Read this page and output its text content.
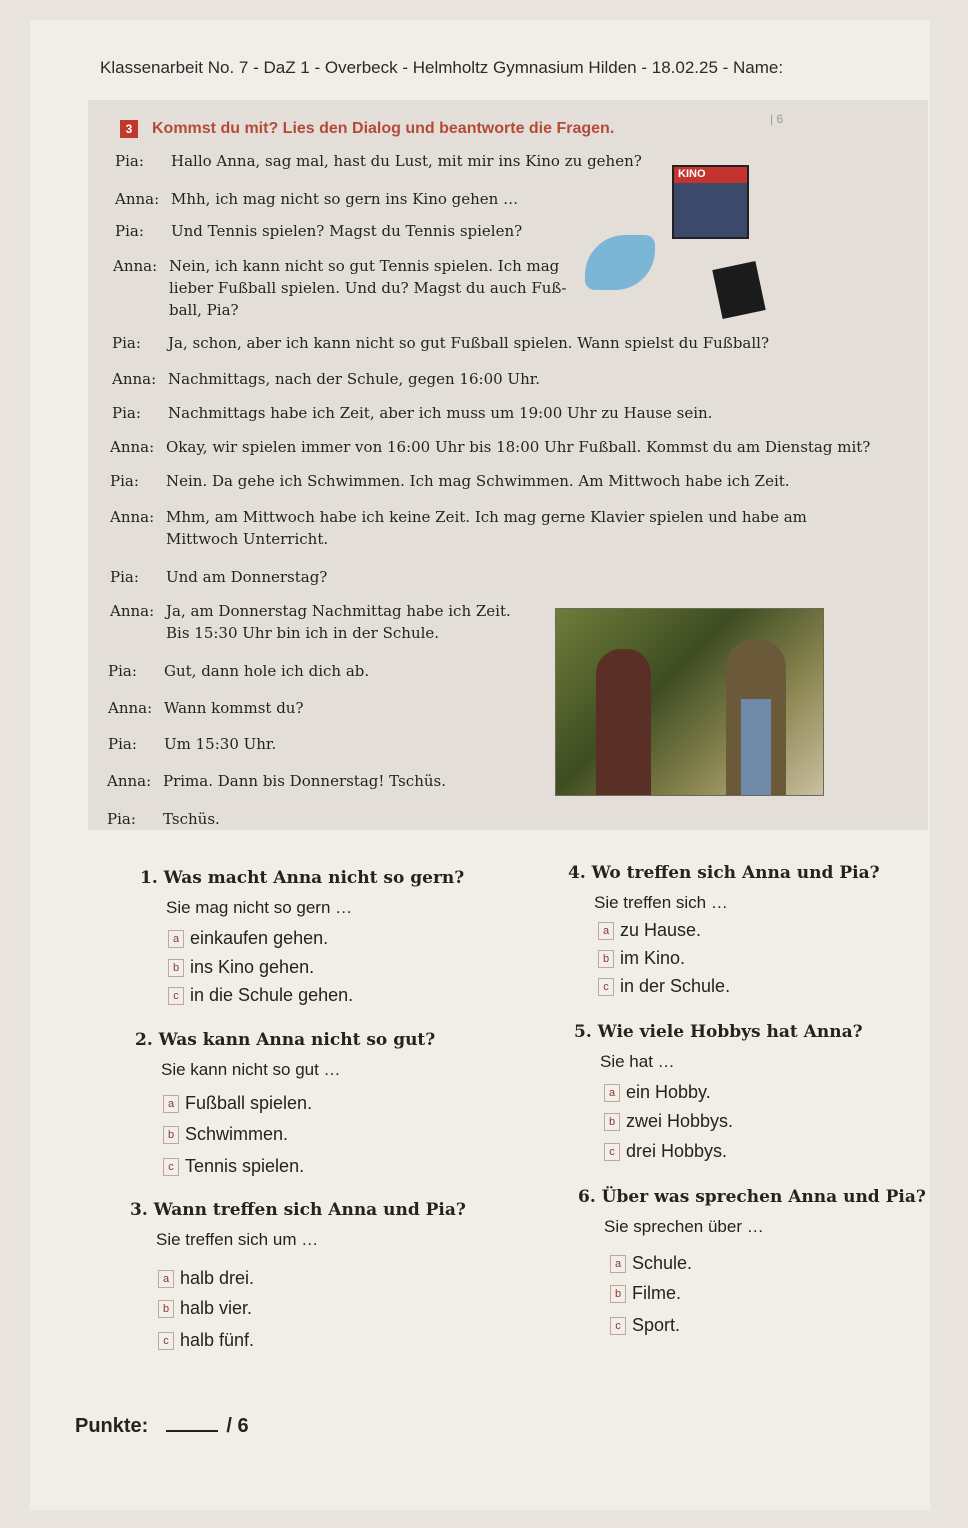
Klassenarbeit No. 7 - DaZ 1 - Overbeck - Helmholtz Gymnasium Hilden - 18.02.25 - Name:
3 Kommst du mit? Lies den Dialog und beantworte die Fragen.
| 6
KINO
Pia: Hallo Anna, sag mal, hast du Lust, mit mir ins Kino zu gehen?
Anna: Mhh, ich mag nicht so gern ins Kino gehen …
Pia: Und Tennis spielen? Magst du Tennis spielen?
Anna: Nein, ich kann nicht so gut Tennis spielen. Ich mag
lieber Fußball spielen. Und du? Magst du auch Fuß-
ball, Pia?
Pia: Ja, schon, aber ich kann nicht so gut Fußball spielen. Wann spielst du Fußball?
Anna: Nachmittags, nach der Schule, gegen 16:00 Uhr.
Pia: Nachmittags habe ich Zeit, aber ich muss um 19:00 Uhr zu Hause sein.
Anna: Okay, wir spielen immer von 16:00 Uhr bis 18:00 Uhr Fußball. Kommst du am Dienstag mit?
Pia: Nein. Da gehe ich Schwimmen. Ich mag Schwimmen. Am Mittwoch habe ich Zeit.
Anna: Mhm, am Mittwoch habe ich keine Zeit. Ich mag gerne Klavier spielen und habe am
Mittwoch Unterricht.
Pia: Und am Donnerstag?
Anna: Ja, am Donnerstag Nachmittag habe ich Zeit.
Bis 15:30 Uhr bin ich in der Schule.
Pia: Gut, dann hole ich dich ab.
Anna: Wann kommst du?
Pia: Um 15:30 Uhr.
Anna: Prima. Dann bis Donnerstag! Tschüs.
Pia: Tschüs.
1. Was macht Anna nicht so gern?
Sie mag nicht so gern …
a einkaufen gehen.
b ins Kino gehen.
c in die Schule gehen.
2. Was kann Anna nicht so gut?
Sie kann nicht so gut …
a Fußball spielen.
b Schwimmen.
c Tennis spielen.
3. Wann treffen sich Anna und Pia?
Sie treffen sich um …
a halb drei.
b halb vier.
c halb fünf.
4. Wo treffen sich Anna und Pia?
Sie treffen sich …
a zu Hause.
b im Kino.
c in der Schule.
5. Wie viele Hobbys hat Anna?
Sie hat …
a ein Hobby.
b zwei Hobbys.
c drei Hobbys.
6. Über was sprechen Anna und Pia?
Sie sprechen über …
a Schule.
b Filme.
c Sport.
Punkte:	/ 6
